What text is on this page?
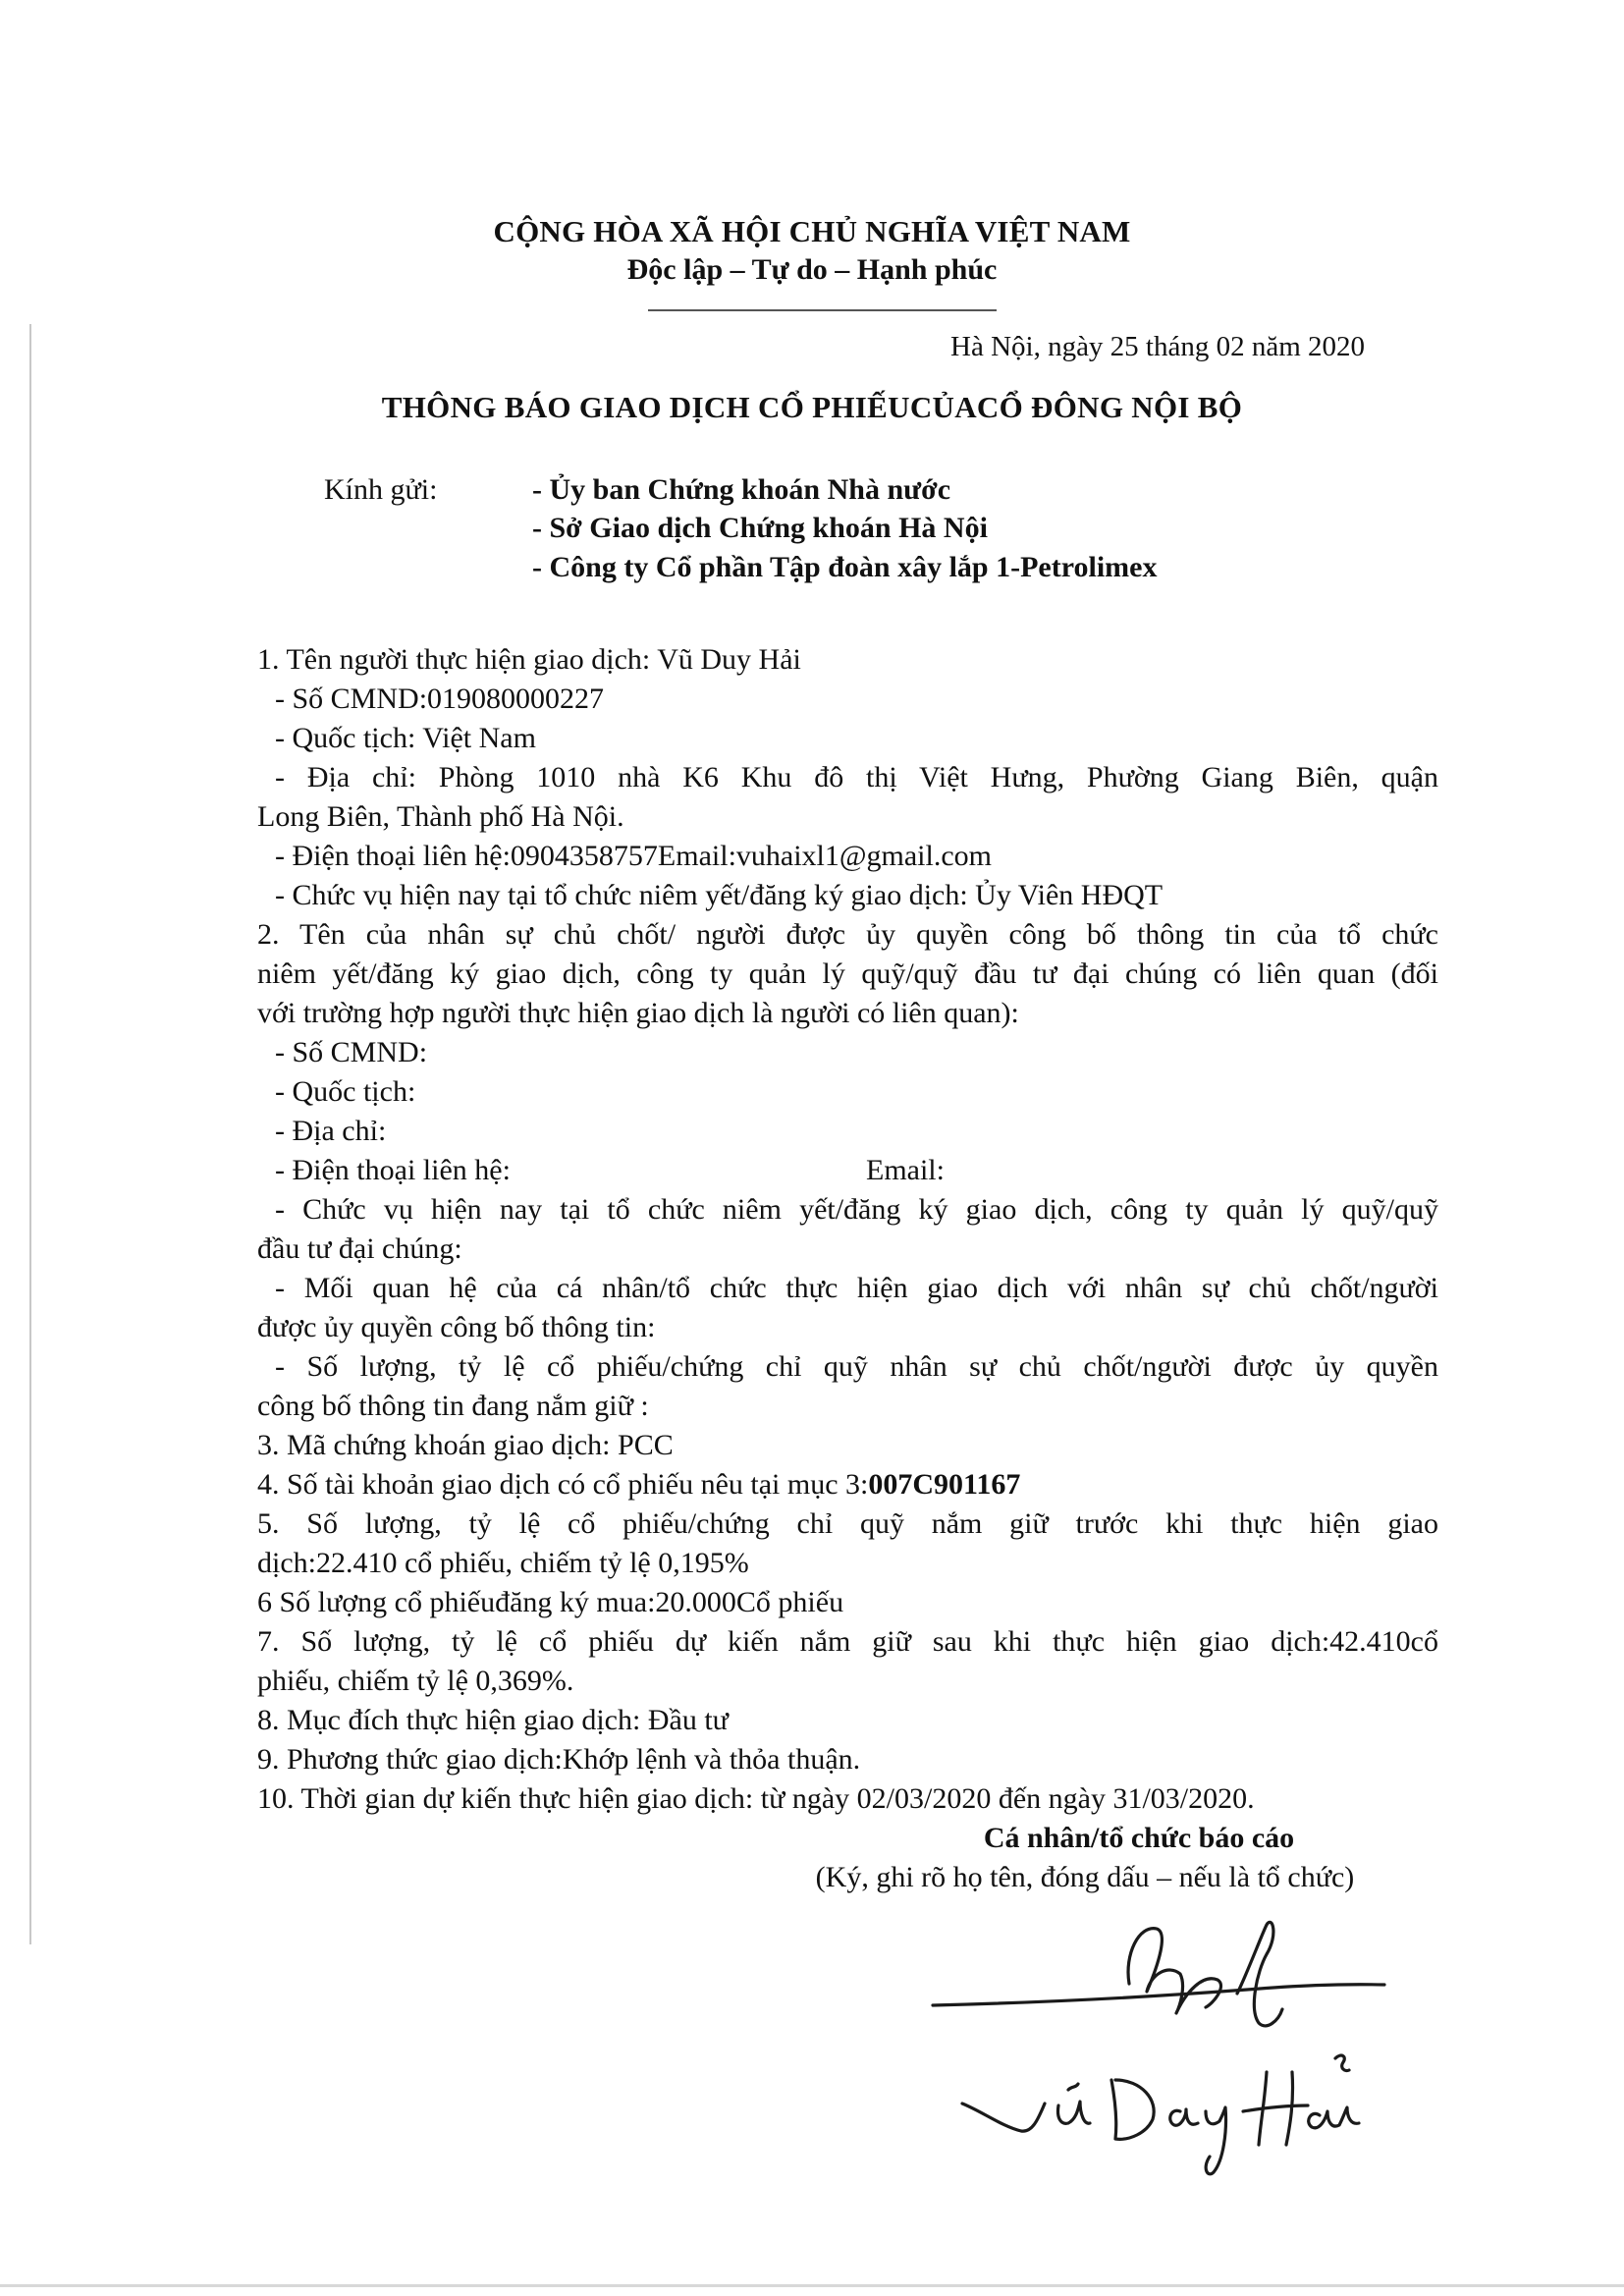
CỘNG HÒA XÃ HỘI CHỦ NGHĨA VIỆT NAM
Độc lập – Tự do – Hạnh phúc
Hà Nội, ngày 25 tháng 02 năm 2020
THÔNG BÁO GIAO DỊCH CỔ PHIẾUCỦACỔ ĐÔNG NỘI BỘ
Kính gửi:	- Ủy ban Chứng khoán Nhà nước
- Sở Giao dịch Chứng khoán Hà Nội
- Công ty Cổ phần Tập đoàn xây lắp 1-Petrolimex
1. Tên người thực hiện giao dịch: Vũ Duy Hải
- Số CMND:019080000227
- Quốc tịch: Việt Nam
- Địa chỉ: Phòng 1010 nhà K6 Khu đô thị Việt Hưng, Phường Giang Biên, quận
Long Biên, Thành phố Hà Nội.
- Điện thoại liên hệ:0904358757Email:vuhaixl1@gmail.com
- Chức vụ hiện nay tại tổ chức niêm yết/đăng ký giao dịch: Ủy Viên HĐQT
2. Tên của nhân sự chủ chốt/ người được ủy quyền công bố thông tin của tổ chức
niêm yết/đăng ký giao dịch, công ty quản lý quỹ/quỹ đầu tư đại chúng có liên quan (đối
với trường hợp người thực hiện giao dịch là người có liên quan):
- Số CMND:
- Quốc tịch:
- Địa chỉ:
- Điện thoại liên hệ:	Email:
- Chức vụ hiện nay tại tổ chức niêm yết/đăng ký giao dịch, công ty quản lý quỹ/quỹ
đầu tư đại chúng:
- Mối quan hệ của cá nhân/tổ chức thực hiện giao dịch với nhân sự chủ chốt/người
được ủy quyền công bố thông tin:
- Số lượng, tỷ lệ cổ phiếu/chứng chỉ quỹ nhân sự chủ chốt/người được ủy quyền
công bố thông tin đang nắm giữ :
3. Mã chứng khoán giao dịch: PCC
4. Số tài khoản giao dịch có cổ phiếu nêu tại mục 3:007C901167
5. Số lượng, tỷ lệ cổ phiếu/chứng chỉ quỹ nắm giữ trước khi thực hiện giao
dịch:22.410 cổ phiếu, chiếm tỷ lệ 0,195%
6 Số lượng cổ phiếuđăng ký mua:20.000Cổ phiếu
7. Số lượng, tỷ lệ cổ phiếu dự kiến nắm giữ sau khi thực hiện giao dịch:42.410cổ
phiếu, chiếm tỷ lệ 0,369%.
8. Mục đích thực hiện giao dịch: Đầu tư
9. Phương thức giao dịch:Khớp lệnh và thỏa thuận.
10. Thời gian dự kiến thực hiện giao dịch: từ ngày 02/03/2020 đến ngày 31/03/2020.
Cá nhân/tổ chức báo cáo
(Ký, ghi rõ họ tên, đóng dấu – nếu là tổ chức)
